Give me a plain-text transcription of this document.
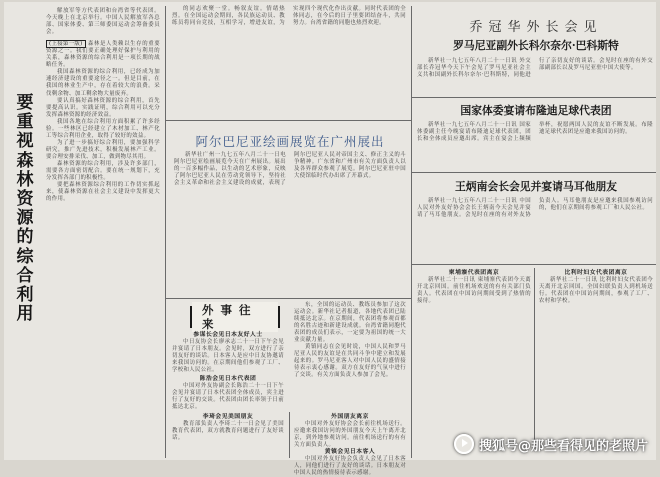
要重视森林资源的综合利用

解放军等方代表团和台湾省等代表团。今天晚上在北京举行。中国人民解放军各总部、国家体委、第三师委国运动会筹备委员会。

(上接第一版) 森林是人类赖以生存的重要资源之一。我们要正确处理好保护与利用的关系，森林资源的综合利用是一项长期的战略任务。

我国森林资源的综合利用，已经成为加速经济建设的重要途径之一。但是目前，在我国的林业生产中，存在着较大的浪费。采伐剩余物、加工剩余物大量废弃。

要认真搞好森林资源的综合利用，首先要提高认识。实践证明，综合利用可以充分发挥森林资源的经济效益。

我国各地在综合利用方面积累了许多经验。一些林区已经建立了木材加工、林产化工等综合利用企业，取得了较好的效益。

为了进一步搞好综合利用，要加强科学研究，推广先进技术，积极发展林产工业。要合理安排采伐、加工，做到物尽其用。

森林资源的综合利用，涉及许多部门，需要各方面密切配合。要在统一规划下，充分发挥各部门的积极性。

要把森林资源综合利用的工作切实抓起来，使森林资源在社会主义建设中发挥更大的作用。

的同志欢聚一堂。畅叙友谊。情绪热烈。在全国运动会期间，各民族运动员、教练员将同台竞技，互相学习，增进友谊，为实现四个现代化作出贡献。同时代表团的全体同志，在今后的日子里要团结奋斗，共同努力。台湾省籍的同胞也热烈欢迎。

阿尔巴尼亚绘画展览在广州展出

新华社广州一九七五年八月二十一日电 阿尔巴尼亚绘画展览今天在广州展出。展出的一百多幅作品，以生动的艺术形象，反映了阿尔巴尼亚人民在劳动党领导下，坚持社会主义革命和社会主义建设的成就，表现了阿尔巴尼亚人民对帝国主义、修正主义的斗争精神。广东省和广州市有关方面负责人以及各界群众参观了展览。阿尔巴尼亚驻中国大使馆临时代办出席了开幕式。

外事往来
参谋长会见日本友好人士

中日友协会长廖承志二十一日下午会见并宴请了日本朋友。会见时，双方进行了亲切友好的谈话。日本客人是应中日友协邀请来我国访问的。在京期间他们参观了工厂、学校和人民公社。

陈浩会见日本代表团

中国对外友协副会长陈浩二十一日下午会见并宴请了日本代表团全体成员，宾主进行了友好的交谈。代表团由团长率领于日前抵达北京。

李琦会见美国朋友

教育部负责人李琦二十一日会见了美国教育代表团，双方就教育问题进行了友好谈话。

东，全国的运动员、教练员参加了这次运动会。新华社记者报道，各地代表团已陆续抵达北京。在京期间，代表团将参观首都的名胜古迹和新建设成就。台湾省籍同胞代表团的成员们表示，一定要为祖国的统一大业贡献力量。

黄镇同志在会见时说，中国人民和罗马尼亚人民的友谊是在共同斗争中建立和发展起来的。罗马尼亚客人对中国人民的盛情接待表示衷心感谢。双方在友好的气氛中进行了交谈。有关方面负责人参加了会见。

外国朋友离京

中国对外友好协会会长前往机场送行。应邀来我国访问的外国朋友今天上午离开北京，到外地参观访问。前往机场送行的有有关方面负责人。

黄镇会见日本客人

中国对外友好协会负责人会见了日本客人，同他们进行了友好的谈话。日本朋友对中国人民的热情接待表示感谢。

乔冠华外长会见
罗马尼亚副外长科尔奈尔·巴科斯特

新华社一九七五年八月二十一日讯 外交部长乔冠华今天下午会见了罗马尼亚社会主义共和国副外长科尔奈尔·巴科斯特，同他进行了亲切友好的谈话。会见时在座的有外交部副部长以及罗马尼亚驻中国大使等。

国家体委宴请布隆迪足球代表团

新华社一九七五年八月二十一日讯 国家体委副主任今晚宴请布隆迪足球代表团，团长和全体成员应邀出席。宾主在宴会上频频举杯，祝愿两国人民的友谊不断发展。布隆迪足球代表团是应邀来我国访问的。

王炳南会长会见并宴请马耳他朋友

新华社一九七五年八月二十一日讯 中国人民对外友好协会会长王炳南今天会见并宴请了马耳他朋友。会见时在座的有对外友协负责人。马耳他朋友是应邀来我国参观访问的，他们在京期间将参观工厂和人民公社。

柬埔寨代表团离京

新华社二十一日讯 柬埔寨代表团今天离开北京回国。前往机场欢送的有有关部门负责人。代表团在中国访问期间受到了热情的接待。

比利时妇女代表团离京

新华社二十一日讯 比利时妇女代表团今天离开北京回国。全国妇联负责人到机场送行。代表团在中国访问期间，参观了工厂、农村和学校。

搜狐号@那些看得见的老照片
